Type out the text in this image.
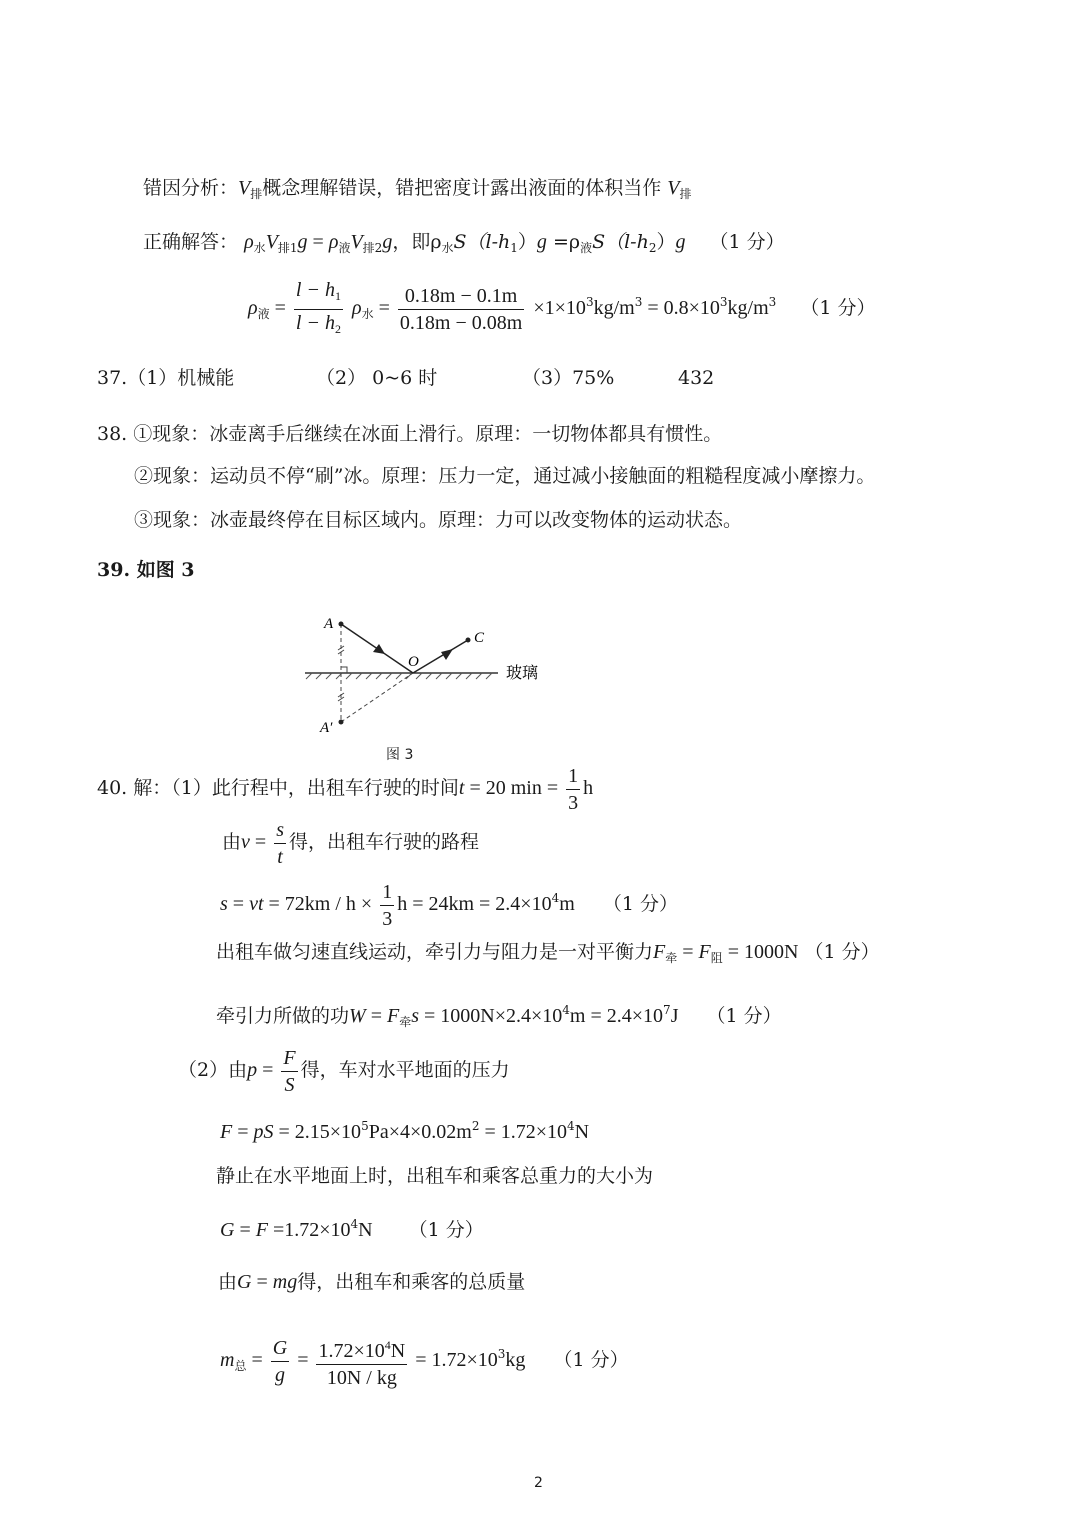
错因分析：$V_排$概念理解错误，错把密度计露出液面的体积当作 $V_排$
正确解答： $\rho_水V_{排1}g = \rho_液V_{排2}g$，即$\rho_水S(l-h_1)g =\rho_液S(l-h_2)g$ （1 分）
$\rho_液 = \frac{l - h_1}{l - h_2} \rho_水 = \frac{0.18m - 0.1m}{0.18m - 0.08m} \times 1\times 10^3kg/m^3 = 0.8\times 10^3kg/m^3$ （1 分）
37.（1）机械能	（2） 0~6 时	（3）75%	432
38. ①现象：冰壶离手后继续在冰面上滑行。原理：一切物体都具有惯性。
②现象：运动员不停“刷”冰。原理：压力一定，通过减小接触面的粗糙程度减小摩擦力。
③现象：冰壶最终停在目标区域内。原理：力可以改变物体的运动状态。
39. 如图 3
A
O
C
A′
玻璃
图 3
40. 解：（1）此行程中，出租车行驶的时间t = 20 $\min = \frac{1}{3}$ h
由$v = \frac{s}{t}$ 得，出租车行驶的路程
s = vt = $72km / h \times \frac{1}{3}$ $h = 24km = 2.4\times 10^4m$ （1 分）
出租车做匀速直线运动，牵引力与阻力是一对平衡力$F_牵 = F_阻 = 1000N$ （1 分）
牵引力所做的功$W = F_牵s = 1000N\times 2.4\times 10^4m = 2.4\times 10^7J$ （1 分）
（2）由$p = \frac{F}{S}$ 得，车对水平地面的压力
F = pS = $2.15\times 10^5Pa\times 4\times 0.02m^2 = 1.72\times 10^4N$
静止在水平地面上时，出租车和乘客总重力的大小为
$G = F =1.72\times 10^4N$ （1 分）
由G = mg得，出租车和乘客的总质量
$m_总 = \frac{G}{g} = \frac{1.72\times 10^4N}{10N / kg} = 1.72\times 10^3kg$ （1 分）
2
